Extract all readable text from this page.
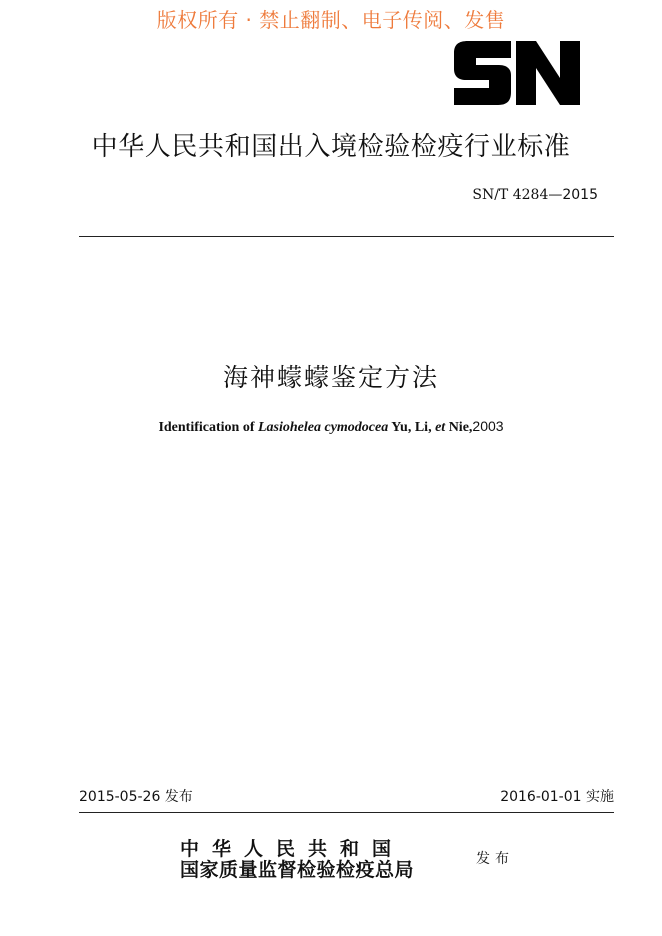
版权所有 · 禁止翻制、电子传阅、发售
中华人民共和国出入境检验检疫行业标准
SN/T 4284—2015
海神蠓蠓鉴定方法
Identification of Lasiohelea cymodocea Yu, Li, et Nie,2003
2015-05-26 发布	2016-01-01 实施
中华人民共和国
国家质量监督检验检疫总局	发布
